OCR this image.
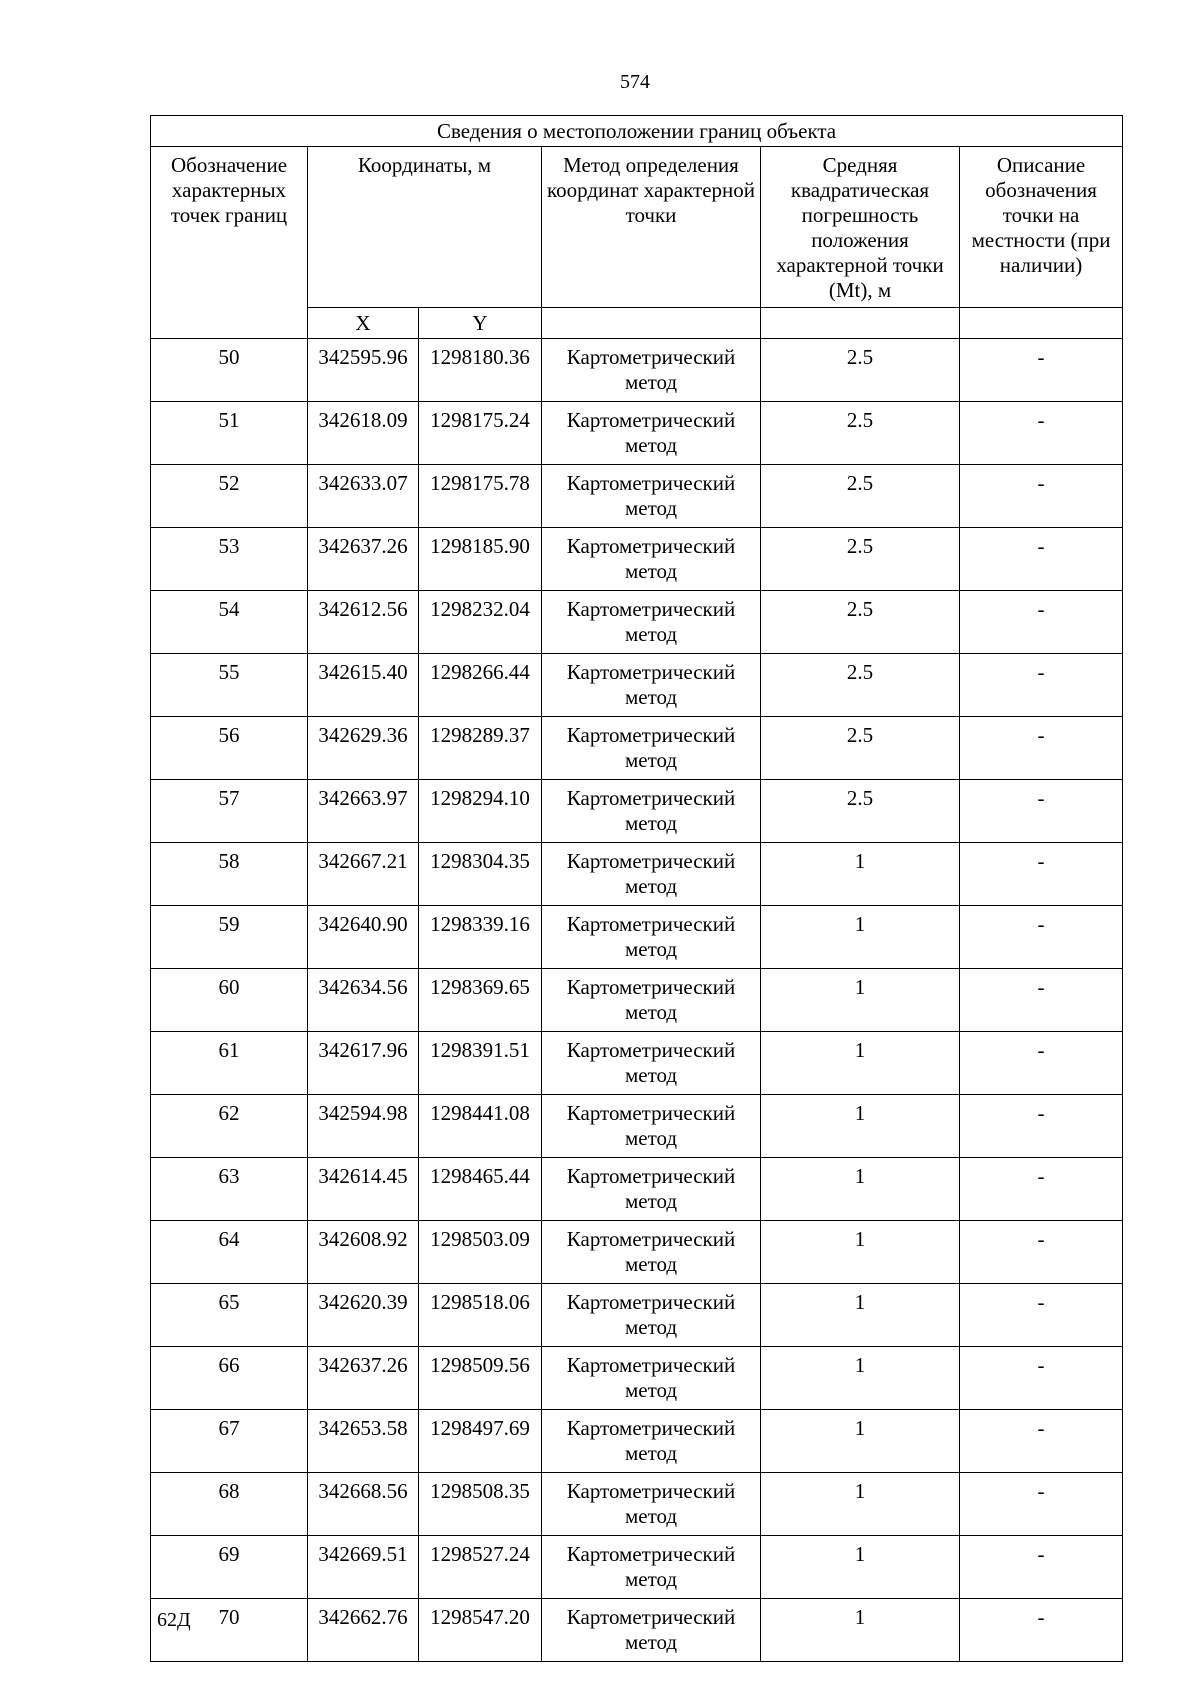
574
Сведения о местоположении границ объекта					
Обозначение характерных точек границ	Координаты, м		Метод определения координат характерной точки	Средняя квадратическая погрешность положения характерной точки (Mt), м	Описание обозначения точки на местности (при наличии)
	X	Y			
50	342595.96	1298180.36	Картометрический метод	2.5	-
51	342618.09	1298175.24	Картометрический метод	2.5	-
52	342633.07	1298175.78	Картометрический метод	2.5	-
53	342637.26	1298185.90	Картометрический метод	2.5	-
54	342612.56	1298232.04	Картометрический метод	2.5	-
55	342615.40	1298266.44	Картометрический метод	2.5	-
56	342629.36	1298289.37	Картометрический метод	2.5	-
57	342663.97	1298294.10	Картометрический метод	2.5	-
58	342667.21	1298304.35	Картометрический метод	1	-
59	342640.90	1298339.16	Картометрический метод	1	-
60	342634.56	1298369.65	Картометрический метод	1	-
61	342617.96	1298391.51	Картометрический метод	1	-
62	342594.98	1298441.08	Картометрический метод	1	-
63	342614.45	1298465.44	Картометрический метод	1	-
64	342608.92	1298503.09	Картометрический метод	1	-
65	342620.39	1298518.06	Картометрический метод	1	-
66	342637.26	1298509.56	Картометрический метод	1	-
67	342653.58	1298497.69	Картометрический метод	1	-
68	342668.56	1298508.35	Картометрический метод	1	-
69	342669.51	1298527.24	Картометрический метод	1	-
70	342662.76	1298547.20	Картометрический метод	1	-
62Д
